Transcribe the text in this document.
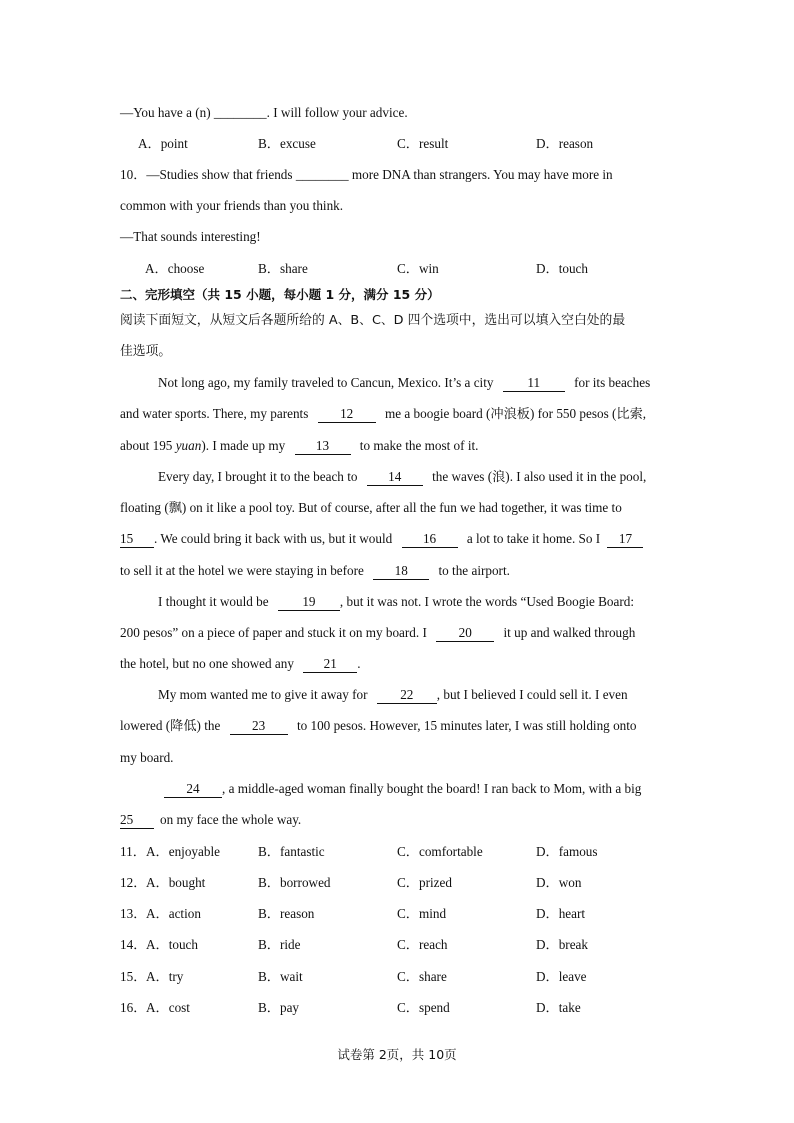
—You have a (n) ________. I will follow your advice.
A．point	B．excuse	C．result	D．reason
10．—Studies show that friends ________ more DNA than strangers. You may have more in
common with your friends than you think.
—That sounds interesting!
A．choose	B．share	C．win	D．touch
二、完形填空（共 15 小题，每小题 1 分，满分 15 分）
阅读下面短文，从短文后各题所给的 A、B、C、D 四个选项中，选出可以填入空白处的最
佳选项。
Not long ago, my family traveled to Cancun, Mexico. It’s a city	11	for its beaches
and water sports. There, my parents 12 me a boogie board (冲浪板) for 550 pesos (比索,
about 195 yuan). I made up my 13 to make the most of it.
Every day, I brought it to the beach to 14 the waves (浪). I also used it in the pool,
floating (飘) on it like a pool toy. But of course, after all the fun we had together, it was time to
15 . We could bring it back with us, but it would 16 a lot to take it home. So I 17
to sell it at the hotel we were staying in before 18 to the airport.
I thought it would be	19 , but it was not. I wrote the words “Used Boogie Board:
200 pesos” on a piece of paper and stuck it on my board. I 20 it up and walked through
the hotel, but no one showed any 21 .
My mom wanted me to give it away for 22 , but I believed I could sell it. I even
lowered (降低) the 23 to 100 pesos. However, 15 minutes later, I was still holding onto
my board.
24 , a middle-aged woman finally bought the board! I ran back to Mom, with a big
25 on my face the whole way.
11． A．enjoyable	B．fantastic	C．comfortable	D．famous
12． A．bought	B．borrowed	C．prized	D．won
13． A．action	B．reason	C．mind	D．heart
14． A．touch	B．ride	C．reach	D．break
15． A．try	B．wait	C．share	D．leave
16． A．cost	B．pay	C．spend	D．take
试卷第 2页，共 10页
